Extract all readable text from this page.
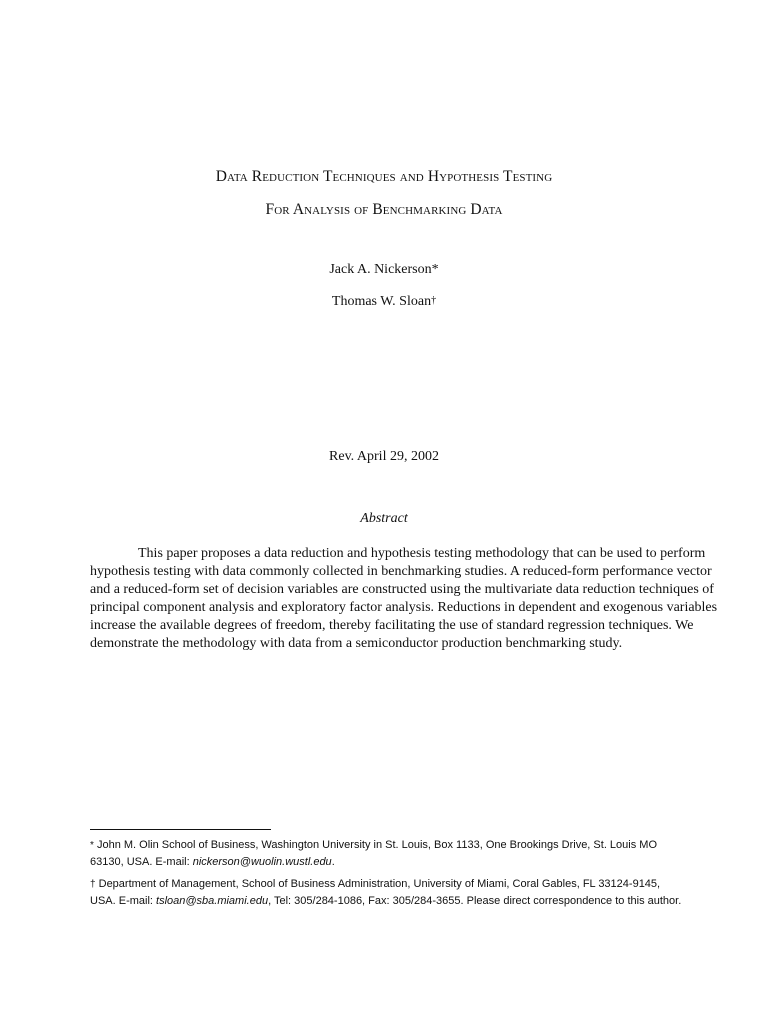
Data Reduction Techniques and Hypothesis Testing
For Analysis of Benchmarking Data
Jack A. Nickerson*
Thomas W. Sloan†
Rev. April 29, 2002
Abstract

This paper proposes a data reduction and hypothesis testing methodology that can be used to perform hypothesis testing with data commonly collected in benchmarking studies. A reduced-form performance vector and a reduced-form set of decision variables are constructed using the multivariate data reduction techniques of principal component analysis and exploratory factor analysis. Reductions in dependent and exogenous variables increase the available degrees of freedom, thereby facilitating the use of standard regression techniques. We demonstrate the methodology with data from a semiconductor production benchmarking study.

* John M. Olin School of Business, Washington University in St. Louis, Box 1133, One Brookings Drive, St. Louis MO 63130, USA. E-mail: nickerson@wuolin.wustl.edu.

† Department of Management, School of Business Administration, University of Miami, Coral Gables, FL 33124-9145, USA. E-mail: tsloan@sba.miami.edu, Tel: 305/284-1086, Fax: 305/284-3655. Please direct correspondence to this author.
